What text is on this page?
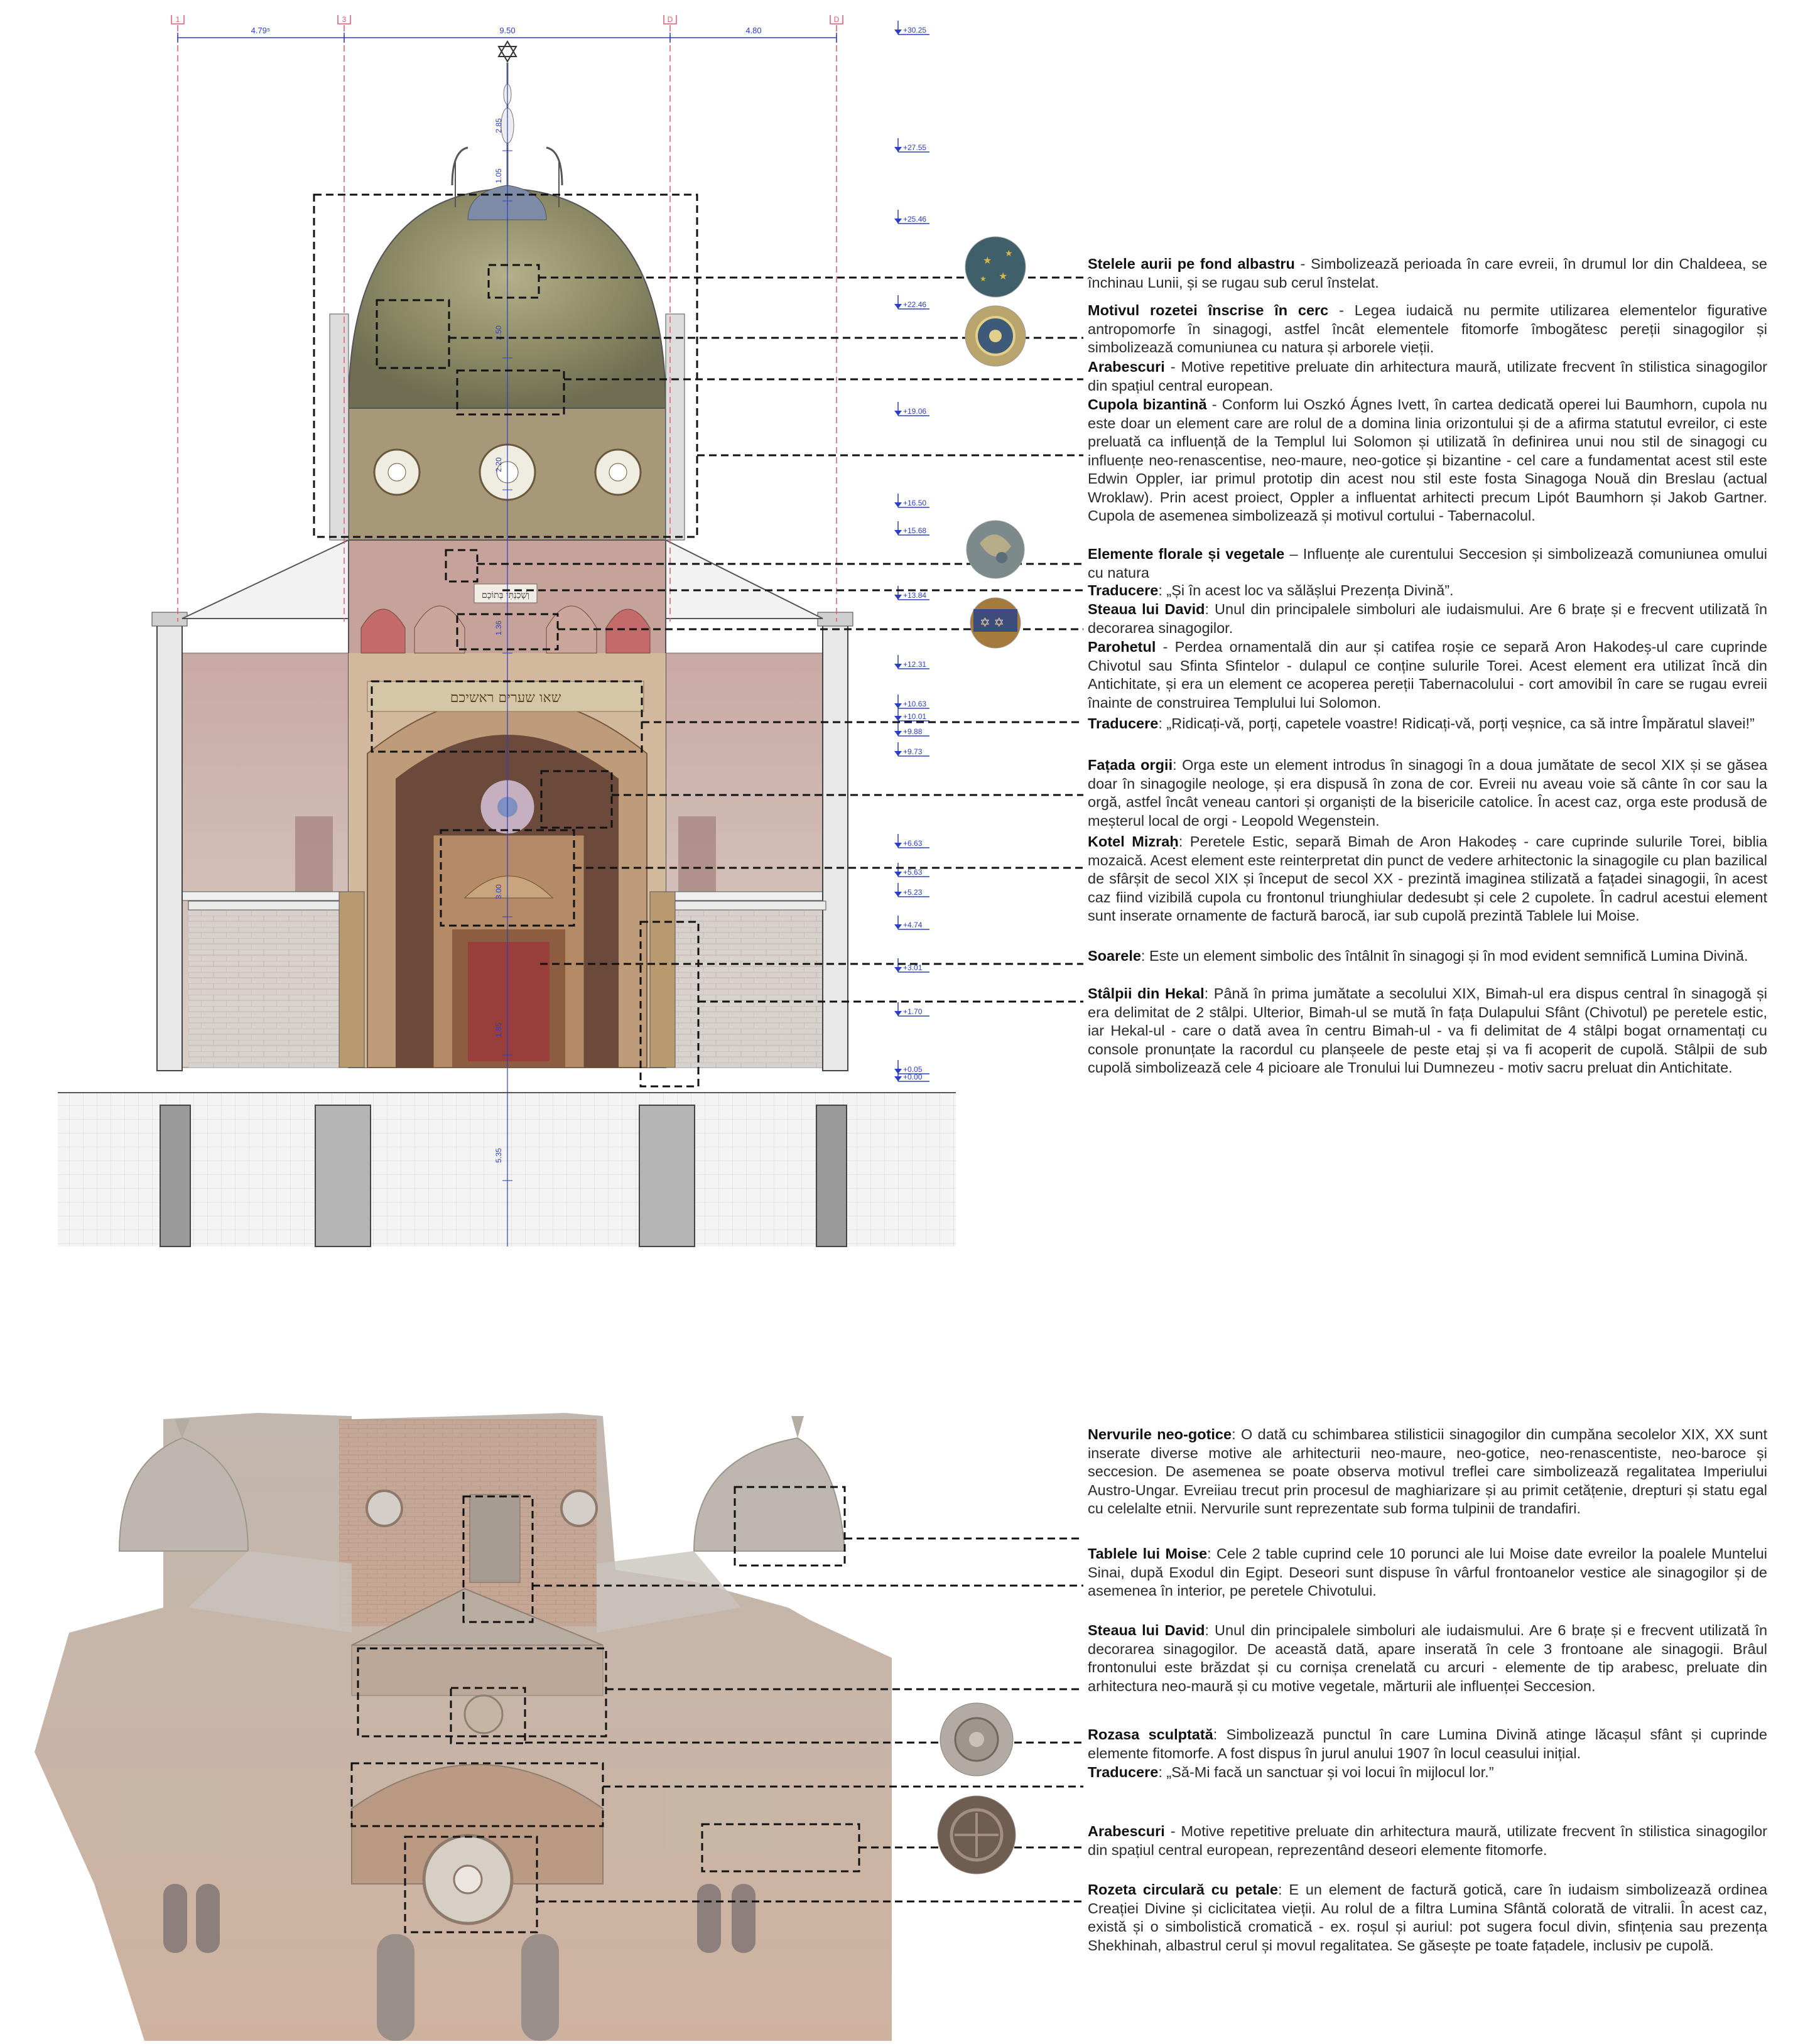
שאו שערים ראשיכם
וְשָׁכַנְתִּי בְּתוֹכָם
1	3	D	D
4.79⁵	9.50	4.80
2.85
1.05
2.50
2.20
1.36
3.00
1.85
5.35
+30.25
+27.55
+25.46
+22.46
+19.06
+16.50
+15.68
+13.84
+12.31
+10.63
+10.01
+9.88
+9.73
+6.63
+5.63
+5.23
+4.74
+3.01
+1.70
+0.05
+0.00
★
★
★
★
✡ ✡

Stelele aurii pe fond albastru - Simbolizează perioada în care evreii, în drumul lor din Chaldeea, se închinau Lunii, și se rugau sub cerul înstelat.

Motivul rozetei înscrise în cerc - Legea iudaică nu permite utilizarea elementelor figurative antropomorfe în sinagogi, astfel încât elementele fitomorfe îmbogătesc pereții sinagogilor și simbolizează comuniunea cu natura și arborele vieții.

Arabescuri - Motive repetitive preluate din arhitectura maură, utilizate frecvent în stilistica sinagogilor din spațiul central european.

Cupola bizantină - Conform lui Oszkó Ágnes Ivett, în cartea dedicată operei lui Baumhorn, cupola nu este doar un element care are rolul de a domina linia orizontului și de a afirma statutul evreilor, ci este preluată ca influență de la Templul lui Solomon și utilizată în definirea unui nou stil de sinagogi cu influențe neo-renascentise, neo-maure, neo-gotice și bizantine - cel care a fundamentat acest stil este Edwin Oppler, iar primul prototip din acest nou stil este fosta Sinagoga Nouă din Breslau (actual Wroklaw). Prin acest proiect, Oppler a influentat arhitecti precum Lipót Baumhorn și Jakob Gartner. Cupola de asemenea simbolizează și motivul cortului - Tabernacolul.

Elemente florale și vegetale – Influențe ale curentului Seccesion și simbolizează comuniunea omului cu natura

Traducere: „Și în acest loc va sălășlui Prezența Divină”.

Steaua lui David: Unul din principalele simboluri ale iudaismului. Are 6 brațe și e frecvent utilizată în decorarea sinagogilor.

Parohetul - Perdea ornamentală din aur și catifea roșie ce separă Aron Hakodeș-ul care cuprinde Chivotul sau Sfinta Sfintelor - dulapul ce conține sulurile Torei. Acest element era utilizat încă din Antichitate, și era un element ce acoperea pereții Tabernacolului - cort amovibil în care se rugau evreii înainte de construirea Templului lui Solomon.

Traducere: „Ridicați-vă, porți, capetele voastre! Ridicați-vă, porți veșnice, ca să intre Împăratul slavei!”

Fațada orgii: Orga este un element introdus în sinagogi în a doua jumătate de secol XIX și se găsea doar în sinagogile neologe, și era dispusă în zona de cor. Evreii nu aveau voie să cânte în cor sau la orgă, astfel încât veneau cantori și organiști de la bisericile catolice. În acest caz, orga este produsă de meșterul local de orgi - Leopold Wegenstein.

Kotel Mizraḥ: Peretele Estic, separă Bimah de Aron Hakodeș - care cuprinde sulurile Torei, biblia mozaică. Acest element este reinterpretat din punct de vedere arhitectonic la sinagogile cu plan bazilical de sfârșit de secol XIX și început de secol XX - prezintă imaginea stilizată a fațadei sinagogii, în acest caz fiind vizibilă cupola cu frontonul triunghiular dedesubt și cele 2 cupolete. În cadrul acestui element sunt inserate ornamente de factură barocă, iar sub cupolă prezintă Tablele lui Moise.

Soarele: Este un element simbolic des întâlnit în sinagogi și în mod evident semnifică Lumina Divină.

Stâlpii din Hekal: Până în prima jumătate a secolului XIX, Bimah-ul era dispus central în sinagogă și era delimitat de 2 stâlpi. Ulterior, Bimah-ul se mută în fața Dulapului Sfânt (Chivotul) pe peretele estic, iar Hekal-ul - care o dată avea în centru Bimah-ul - va fi delimitat de 4 stâlpi bogat ornamentați cu console pronunțate la racordul cu planșeele de peste etaj și va fi acoperit de cupolă. Stâlpii de sub cupolă simbolizează cele 4 picioare ale Tronului lui Dumnezeu - motiv sacru preluat din Antichitate.

Nervurile neo-gotice: O dată cu schimbarea stilisticii sinagogilor din cumpăna secolelor XIX, XX sunt inserate diverse motive ale arhitecturii neo-maure, neo-gotice, neo-renascentiste, neo-baroce și seccesion. De asemenea se poate observa motivul treflei care simbolizează regalitatea Imperiului Austro-Ungar. Evreiiau trecut prin procesul de maghiarizare și au primit cetățenie, drepturi și statu egal cu celelalte etnii. Nervurile sunt reprezentate sub forma tulpinii de trandafiri.

Tablele lui Moise: Cele 2 table cuprind cele 10 porunci ale lui Moise date evreilor la poalele Muntelui Sinai, după Exodul din Egipt. Deseori sunt dispuse în vârful frontoanelor vestice ale sinagogilor și de asemenea în interior, pe peretele Chivotului.

Steaua lui David: Unul din principalele simboluri ale iudaismului. Are 6 brațe și e frecvent utilizată în decorarea sinagogilor. De această dată, apare inserată în cele 3 frontoane ale sinagogii. Brâul frontonului este brăzdat și cu cornișa crenelată cu arcuri - elemente de tip arabesc, preluate din arhitectura neo-maură și cu motive vegetale, mărturii ale influenței Seccesion.

Rozasa sculptată: Simbolizează punctul în care Lumina Divină atinge lăcașul sfânt și cuprinde elemente fitomorfe. A fost dispus în jurul anului 1907 în locul ceasului inițial.

Traducere: „Să-Mi facă un sanctuar și voi locui în mijlocul lor.”

Arabescuri - Motive repetitive preluate din arhitectura maură, utilizate frecvent în stilistica sinagogilor din spațiul central european, reprezentând deseori elemente fitomorfe.

Rozeta circulară cu petale: E un element de factură gotică, care în iudaism simbolizează ordinea Creației Divine și ciclicitatea vieții. Au rolul de a filtra Lumina Sfântă colorată de vitralii. În acest caz, există și o simbolistică cromatică - ex. roșul și auriul: pot sugera focul divin, sfințenia sau prezența Shekhinah, albastrul cerul și movul regalitatea. Se găsește pe toate fațadele, inclusiv pe cupolă.
